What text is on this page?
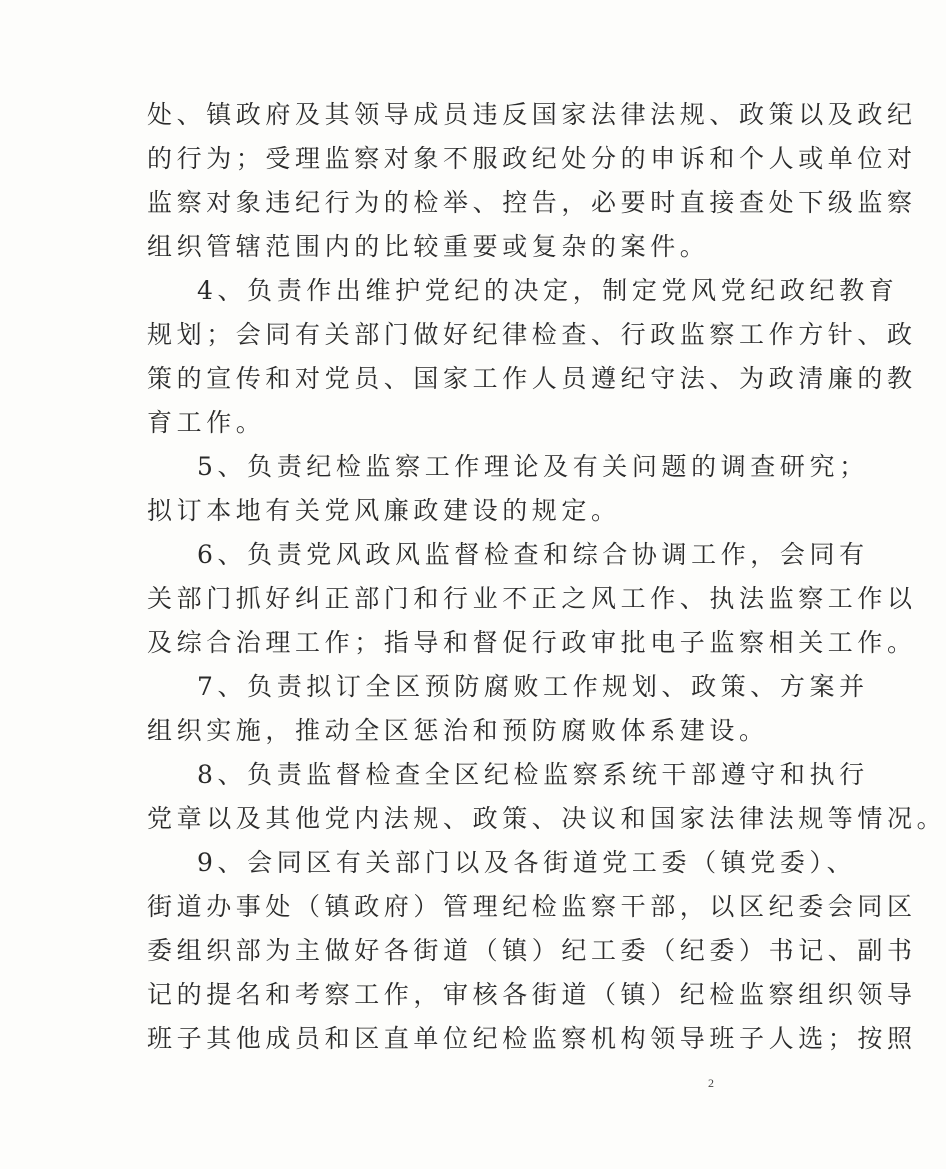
处、镇政府及其领导成员违反国家法律法规、政策以及政纪
的行为；受理监察对象不服政纪处分的申诉和个人或单位对
监察对象违纪行为的检举、控告，必要时直接查处下级监察
组织管辖范围内的比较重要或复杂的案件。
4、负责作出维护党纪的决定，制定党风党纪政纪教育
规划；会同有关部门做好纪律检查、行政监察工作方针、政
策的宣传和对党员、国家工作人员遵纪守法、为政清廉的教
育工作。
5、负责纪检监察工作理论及有关问题的调查研究；
拟订本地有关党风廉政建设的规定。
6、负责党风政风监督检查和综合协调工作，会同有
关部门抓好纠正部门和行业不正之风工作、执法监察工作以
及综合治理工作；指导和督促行政审批电子监察相关工作。
7、负责拟订全区预防腐败工作规划、政策、方案并
组织实施，推动全区惩治和预防腐败体系建设。
8、负责监督检查全区纪检监察系统干部遵守和执行
党章以及其他党内法规、政策、决议和国家法律法规等情况。
9、会同区有关部门以及各街道党工委（镇党委）、
街道办事处（镇政府）管理纪检监察干部，以区纪委会同区
委组织部为主做好各街道（镇）纪工委（纪委）书记、副书
记的提名和考察工作，审核各街道（镇）纪检监察组织领导
班子其他成员和区直单位纪检监察机构领导班子人选；按照
2
